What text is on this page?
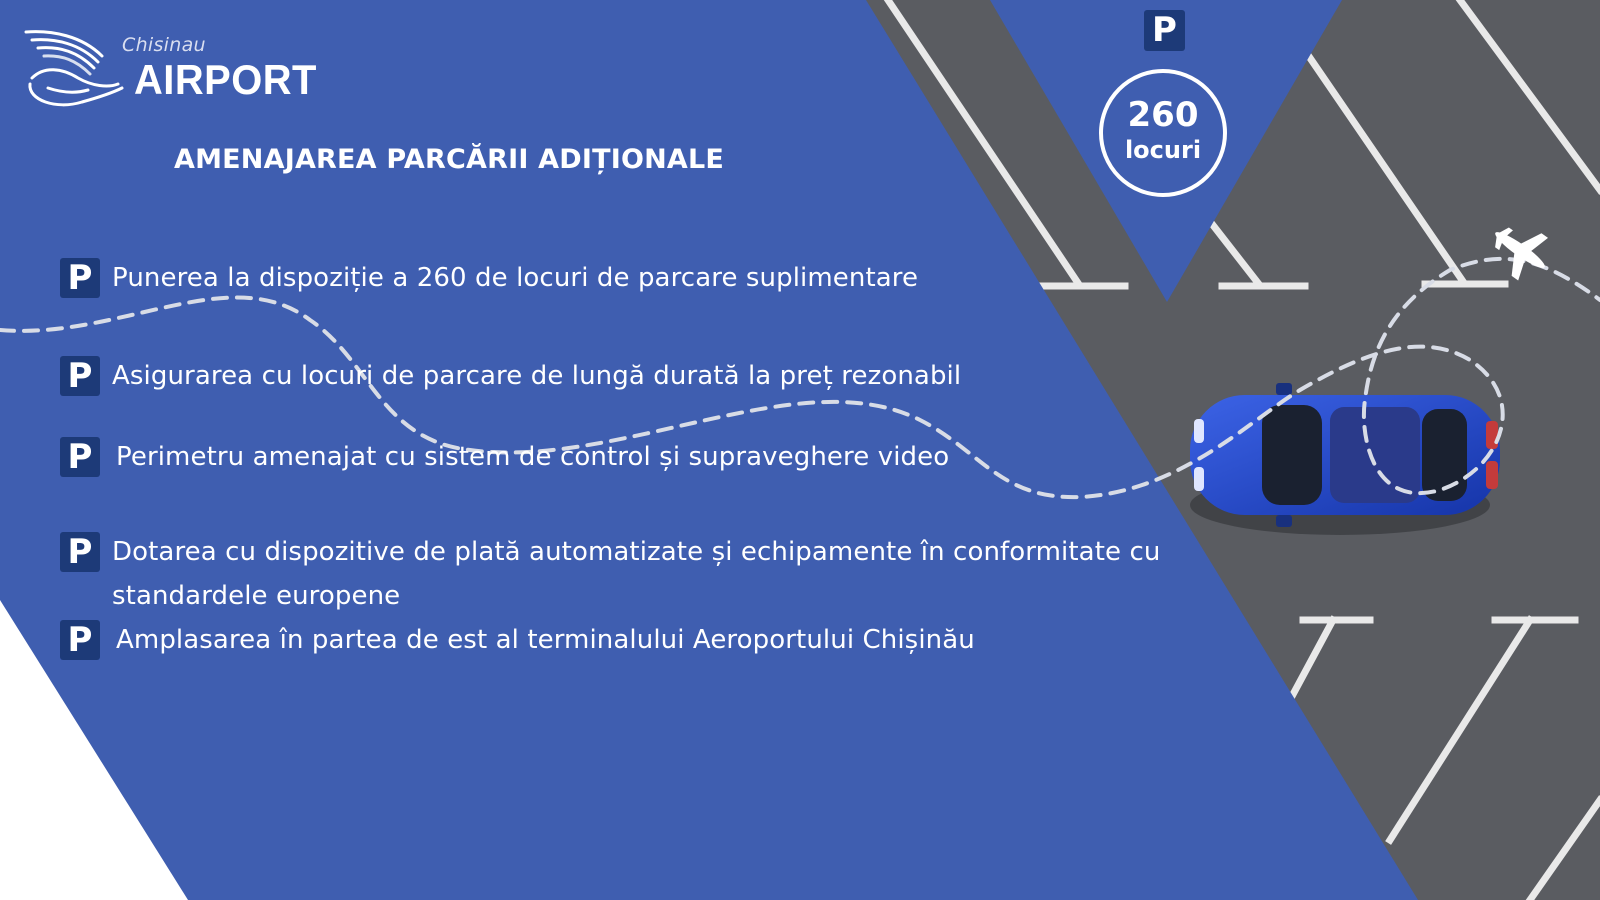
Chisinau
AIRPORT
AMENAJAREA PARCĂRII ADIȚIONALE
P
260
locuri
P Punerea la dispoziție a 260 de locuri de parcare suplimentare
P Asigurarea cu locuri de parcare de lungă durată la preț rezonabil
P Perimetru amenajat cu sistem de control și supraveghere video
P Dotarea cu dispozitive de plată automatizate și echipamente în conformitate cu standardele europene
P Amplasarea în partea de est al terminalului Aeroportului Chișinău
